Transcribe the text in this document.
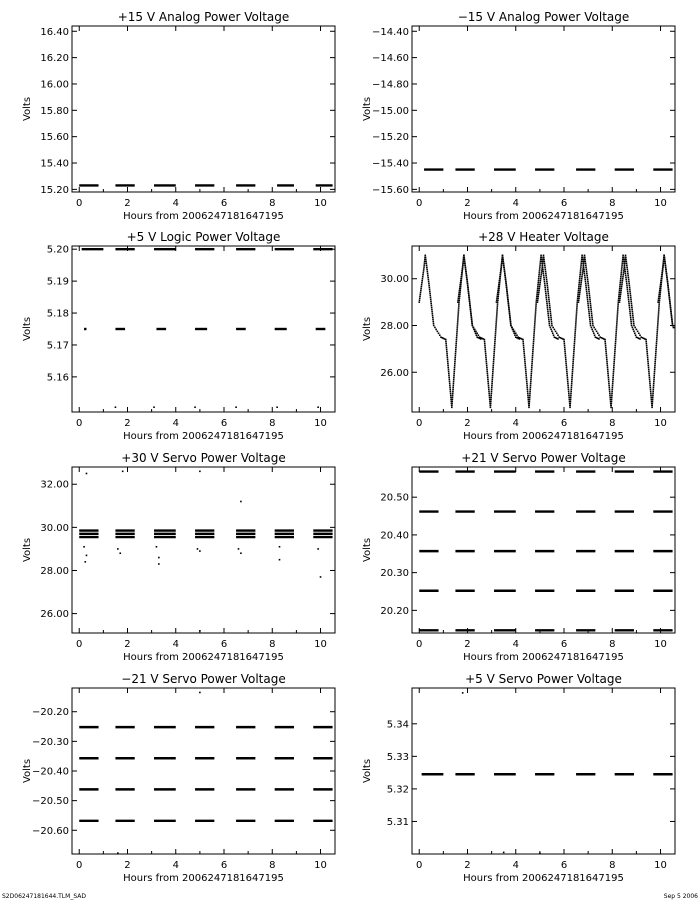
+15 V Analog Power Voltage
0	2	4	6	8	10
15.20
15.40
15.60
15.80
16.00
16.20
16.40
Hours from 2006247181647195
Volts
−15 V Analog Power Voltage
0	2	4	6	8	10
−14.40
−14.60
−14.80
−15.00
−15.20
−15.40
−15.60
Hours from 2006247181647195
Volts
+5 V Logic Power Voltage
0	2	4	6	8	10
5.16
5.17
5.18
5.19
5.20
Hours from 2006247181647195
Volts
+28 V Heater Voltage
0	2	4	6	8	10
26.00
28.00
30.00
Hours from 2006247181647195
Volts
+30 V Servo Power Voltage
0	2	4	6	8	10
26.00
28.00
30.00
32.00
Hours from 2006247181647195
Volts
+21 V Servo Power Voltage
0	2	4	6	8	10
20.20
20.30
20.40
20.50
Hours from 2006247181647195
Volts
−21 V Servo Power Voltage
0	2	4	6	8	10
−20.20
−20.30
−20.40
−20.50
−20.60
Hours from 2006247181647195
Volts
+5 V Servo Power Voltage
0	2	4	6	8	10
5.31
5.32
5.33
5.34
Hours from 2006247181647195
Volts
S2D06247181644.TLM_SAD	Sep 5 2006
